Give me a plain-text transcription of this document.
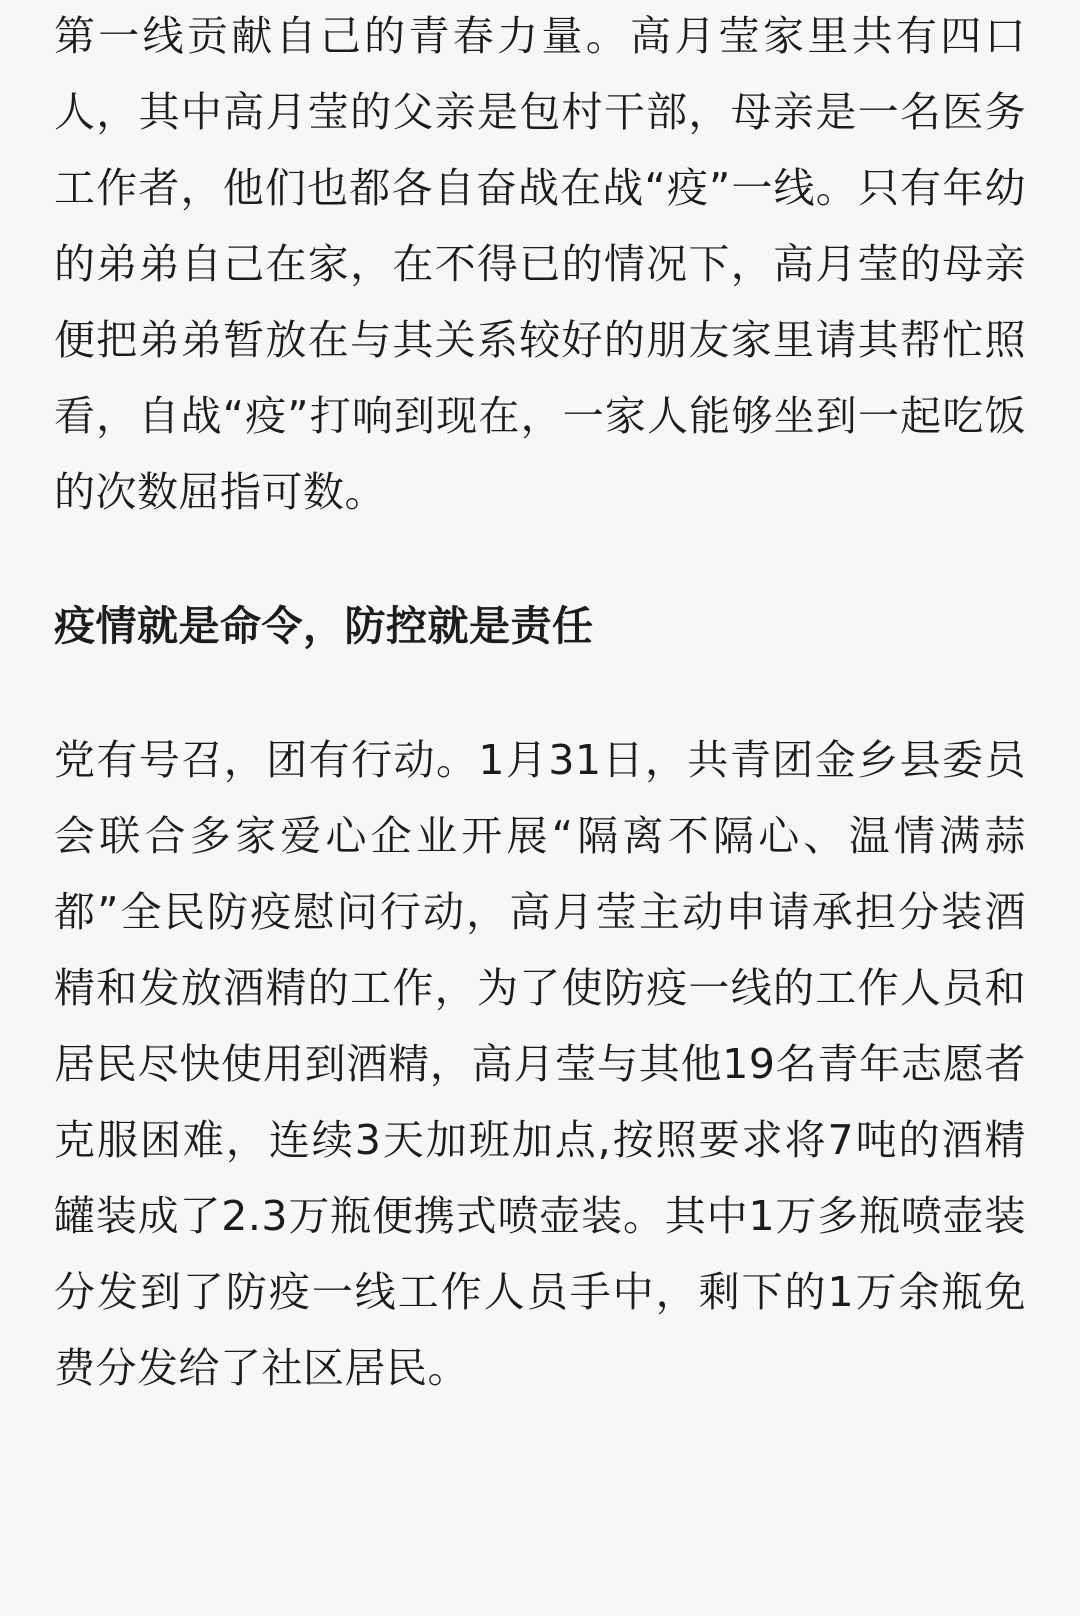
第一线贡献自己的青春力量。高月莹家里共有四口人，其中高月莹的父亲是包村干部，母亲是一名医务工作者，他们也都各自奋战在战“疫”一线。只有年幼的弟弟自己在家，在不得已的情况下，高月莹的母亲便把弟弟暂放在与其关系较好的朋友家里请其帮忙照看，自战“疫”打响到现在，一家人能够坐到一起吃饭的次数屈指可数。

疫情就是命令，防控就是责任

党有号召，团有行动。1月31日，共青团金乡县委员会联合多家爱心企业开展“隔离不隔心、温情满蒜都”全民防疫慰问行动，高月莹主动申请承担分装酒精和发放酒精的工作，为了使防疫一线的工作人员和居民尽快使用到酒精，高月莹与其他19名青年志愿者克服困难，连续3天加班加点,按照要求将7吨的酒精罐装成了2.3万瓶便携式喷壶装。其中1万多瓶喷壶装分发到了防疫一线工作人员手中，剩下的1万余瓶免费分发给了社区居民。
